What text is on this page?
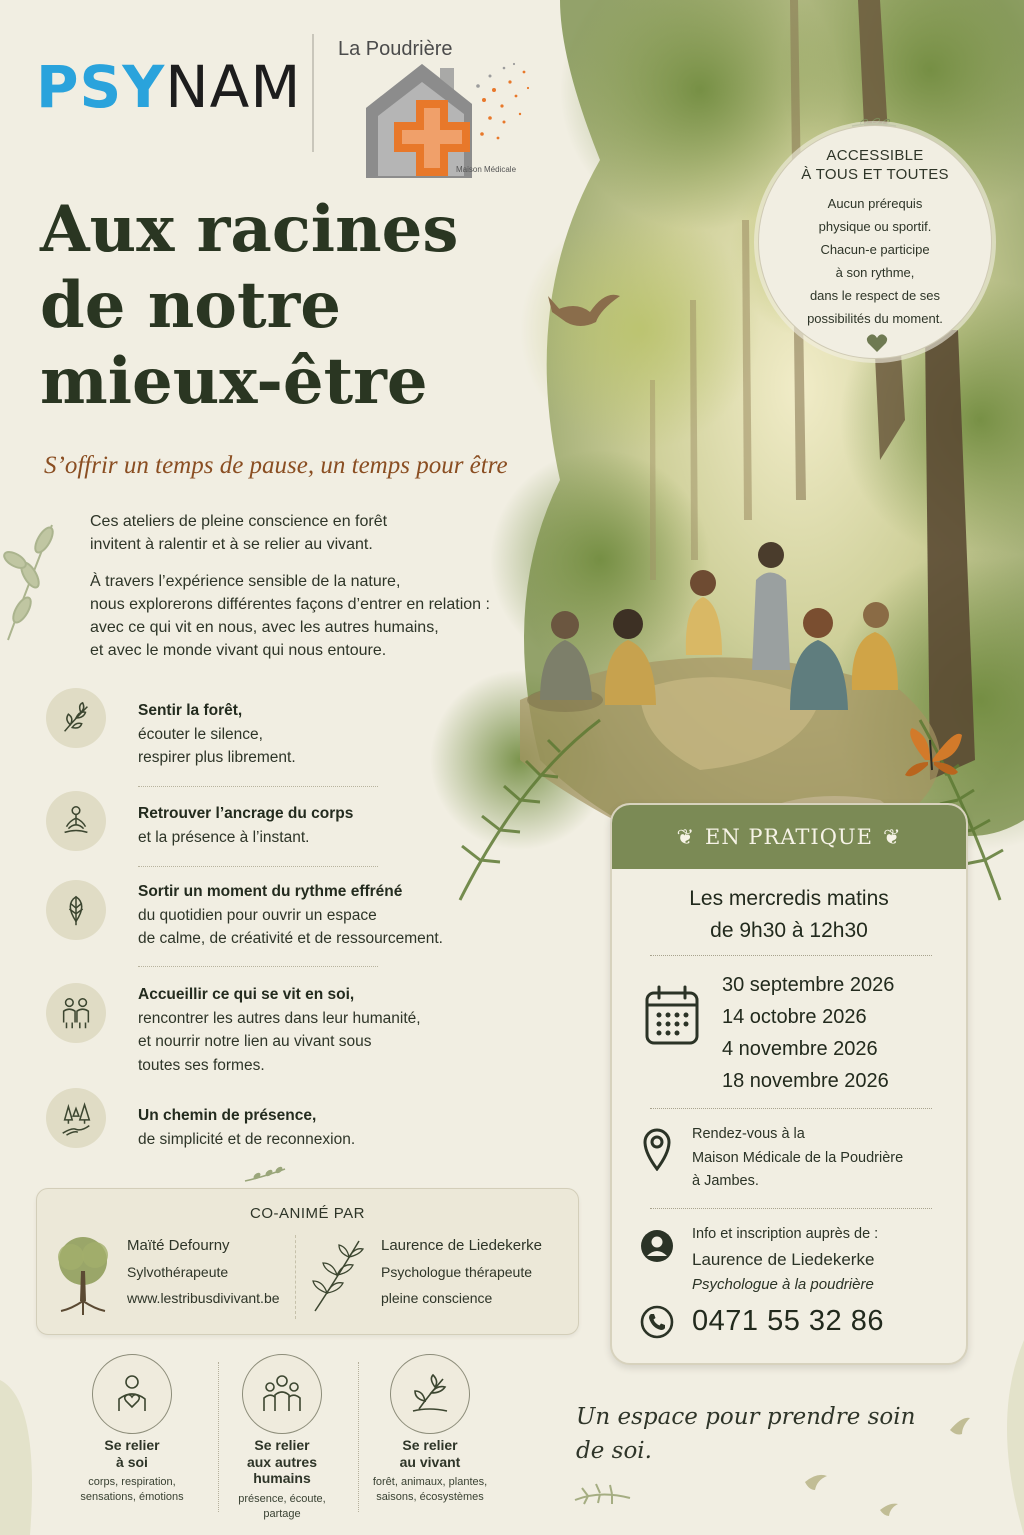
PSYNAM
La Poudrière
Maison Médicale
Aux racines
de notre
mieux-être
S’offrir un temps de pause, un temps pour être
Ces ateliers de pleine conscience en forêt
invitent à ralentir et à se relier au vivant.
À travers l’expérience sensible de la nature,
nous explorerons différentes façons d’entrer en relation :
avec ce qui vit en nous, avec les autres humains,
et avec le monde vivant qui nous entoure.
Sentir la forêt,
écouter le silence,
respirer plus librement.
Retrouver l’ancrage du corps
et la présence à l’instant.
Sortir un moment du rythme effréné
du quotidien pour ouvrir un espace
de calme, de créativité et de ressourcement.
Accueillir ce qui se vit en soi,
rencontrer les autres dans leur humanité,
et nourrir notre lien au vivant sous
toutes ses formes.
Un chemin de présence,
de simplicité et de reconnexion.
CO-ANIMÉ PAR
Maïté Defourny
Sylvothérapeute
www.lestribusdivivant.be
Laurence de Liedekerke
Psychologue thérapeute
pleine conscience
Se relier
à soi
corps, respiration,
sensations, émotions
Se relier
aux autres
humains
présence, écoute,
partage
Se relier
au vivant
forêt, animaux, plantes,
saisons, écosystèmes
ACCESSIBLE
À TOUS ET TOUTES
Aucun prérequis
physique ou sportif.
Chacun-e participe
à son rythme,
dans le respect de ses
possibilités du moment.
❦ EN PRATIQUE ❦
Les mercredis matins
de 9h30 à 12h30
30 septembre 2026
14 octobre 2026
4 novembre 2026
18 novembre 2026
Rendez-vous à la
Maison Médicale de la Poudrière
à Jambes.
Info et inscription auprès de :
Laurence de Liedekerke
Psychologue à la poudrière
0471 55 32 86
Un espace pour prendre soin
de soi.
